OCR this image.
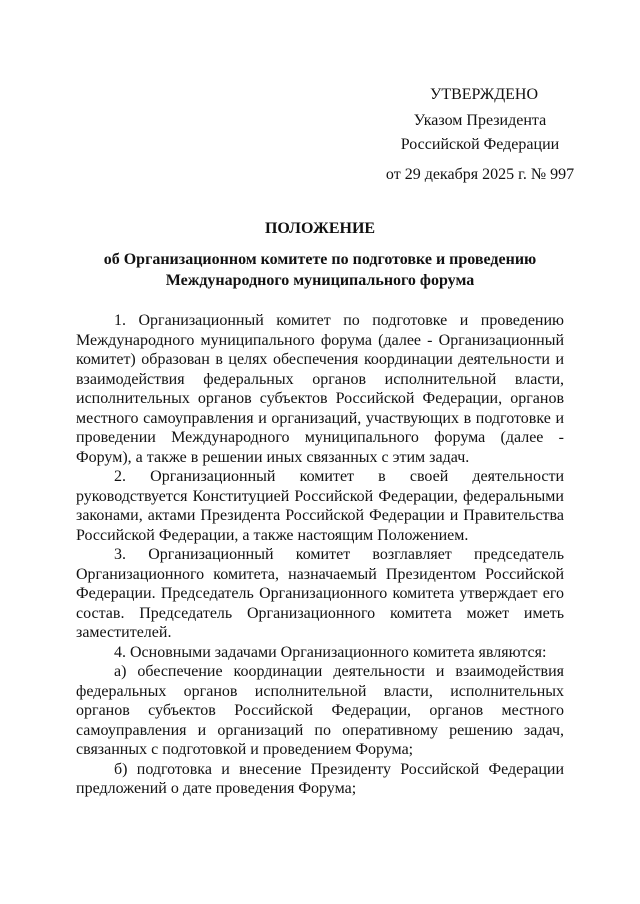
УТВЕРЖДЕНО
Указом Президента
Российской Федерации
от 29 декабря 2025 г. № 997
ПОЛОЖЕНИЕ
об Организационном комитете по подготовке и проведению Международного муниципального форума

1. Организационный комитет по подготовке и проведению Международного муниципального форума (далее - Организационный комитет) образован в целях обеспечения координации деятельности и взаимодействия федеральных органов исполнительной власти, исполнительных органов субъектов Российской Федерации, органов местного самоуправления и организаций, участвующих в подготовке и проведении Международного муниципального форума (далее - Форум), а также в решении иных связанных с этим задач.

2. Организационный комитет в своей деятельности руководствуется Конституцией Российской Федерации, федеральными законами, актами Президента Российской Федерации и Правительства Российской Федерации, а также настоящим Положением.

3. Организационный комитет возглавляет председатель Организационного комитета, назначаемый Президентом Российской Федерации. Председатель Организационного комитета утверждает его состав. Председатель Организационного комитета может иметь заместителей.

4. Основными задачами Организационного комитета являются:

а) обеспечение координации деятельности и взаимодействия федеральных органов исполнительной власти, исполнительных органов субъектов Российской Федерации, органов местного самоуправления и организаций по оперативному решению задач, связанных с подготовкой и проведением Форума;

б) подготовка и внесение Президенту Российской Федерации предложений о дате проведения Форума;
